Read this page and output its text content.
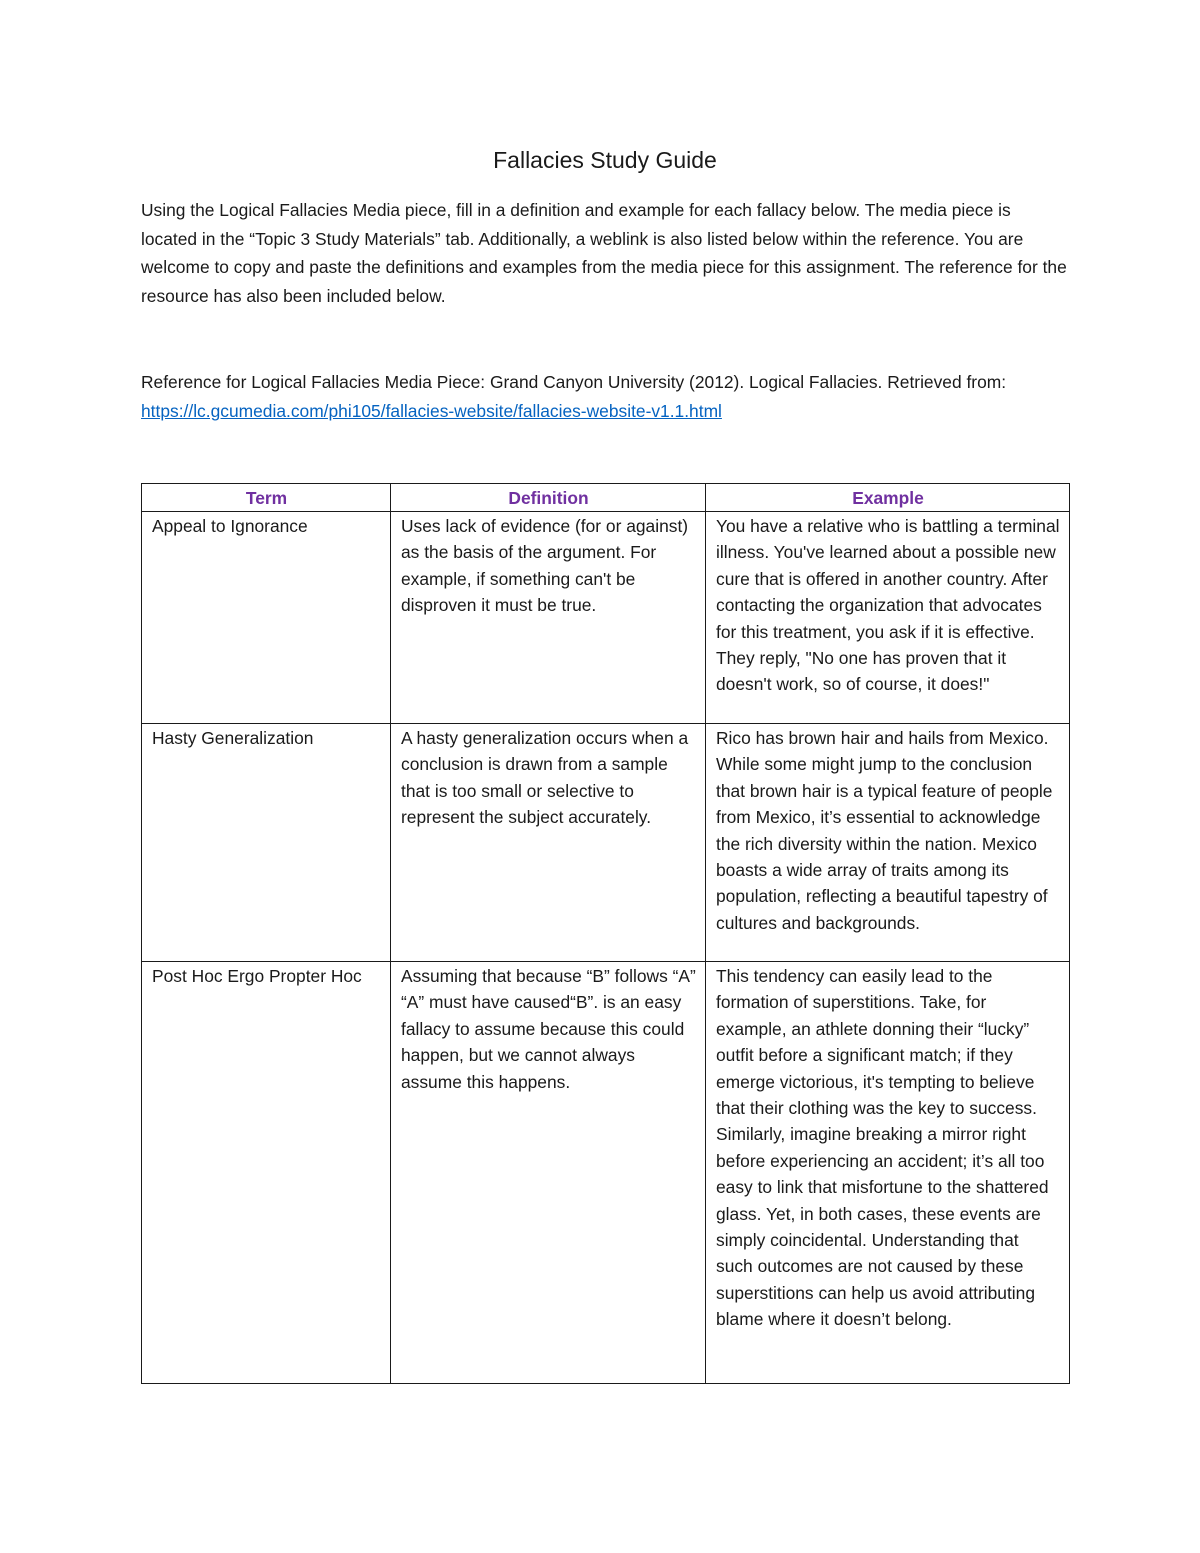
Fallacies Study Guide

Using the Logical Fallacies Media piece, fill in a definition and example for each fallacy below. The media piece is located in the “Topic 3 Study Materials” tab. Additionally, a weblink is also listed below within the reference. You are welcome to copy and paste the definitions and examples from the media piece for this assignment. The reference for the resource has also been included below.

Reference for Logical Fallacies Media Piece: Grand Canyon University (2012). Logical Fallacies. Retrieved from: https://lc.gcumedia.com/phi105/fallacies-website/fallacies-website-v1.1.html

Term	Definition	Example
Appeal to Ignorance	Uses lack of evidence (for or against) as the basis of the argument. For example, if something can't be disproven it must be true.	You have a relative who is battling a terminal illness. You've learned about a possible new cure that is offered in another country. After contacting the organization that advocates for this treatment, you ask if it is effective. They reply, "No one has proven that it doesn't work, so of course, it does!"
Hasty Generalization	A hasty generalization occurs when a conclusion is drawn from a sample that is too small or selective to represent the subject accurately.	Rico has brown hair and hails from Mexico. While some might jump to the conclusion that brown hair is a typical feature of people from Mexico, it’s essential to acknowledge the rich diversity within the nation. Mexico boasts a wide array of traits among its population, reflecting a beautiful tapestry of cultures and backgrounds.
Post Hoc Ergo Propter Hoc	Assuming that because “B” follows “A” “A” must have caused“B”. is an easy fallacy to assume because this could happen, but we cannot always assume this happens.	This tendency can easily lead to the formation of superstitions. Take, for example, an athlete donning their “lucky” outfit before a significant match; if they emerge victorious, it's tempting to believe that their clothing was the key to success. Similarly, imagine breaking a mirror right before experiencing an accident; it’s all too easy to link that misfortune to the shattered glass. Yet, in both cases, these events are simply coincidental. Understanding that such outcomes are not caused by these superstitions can help us avoid attributing blame where it doesn’t belong.
